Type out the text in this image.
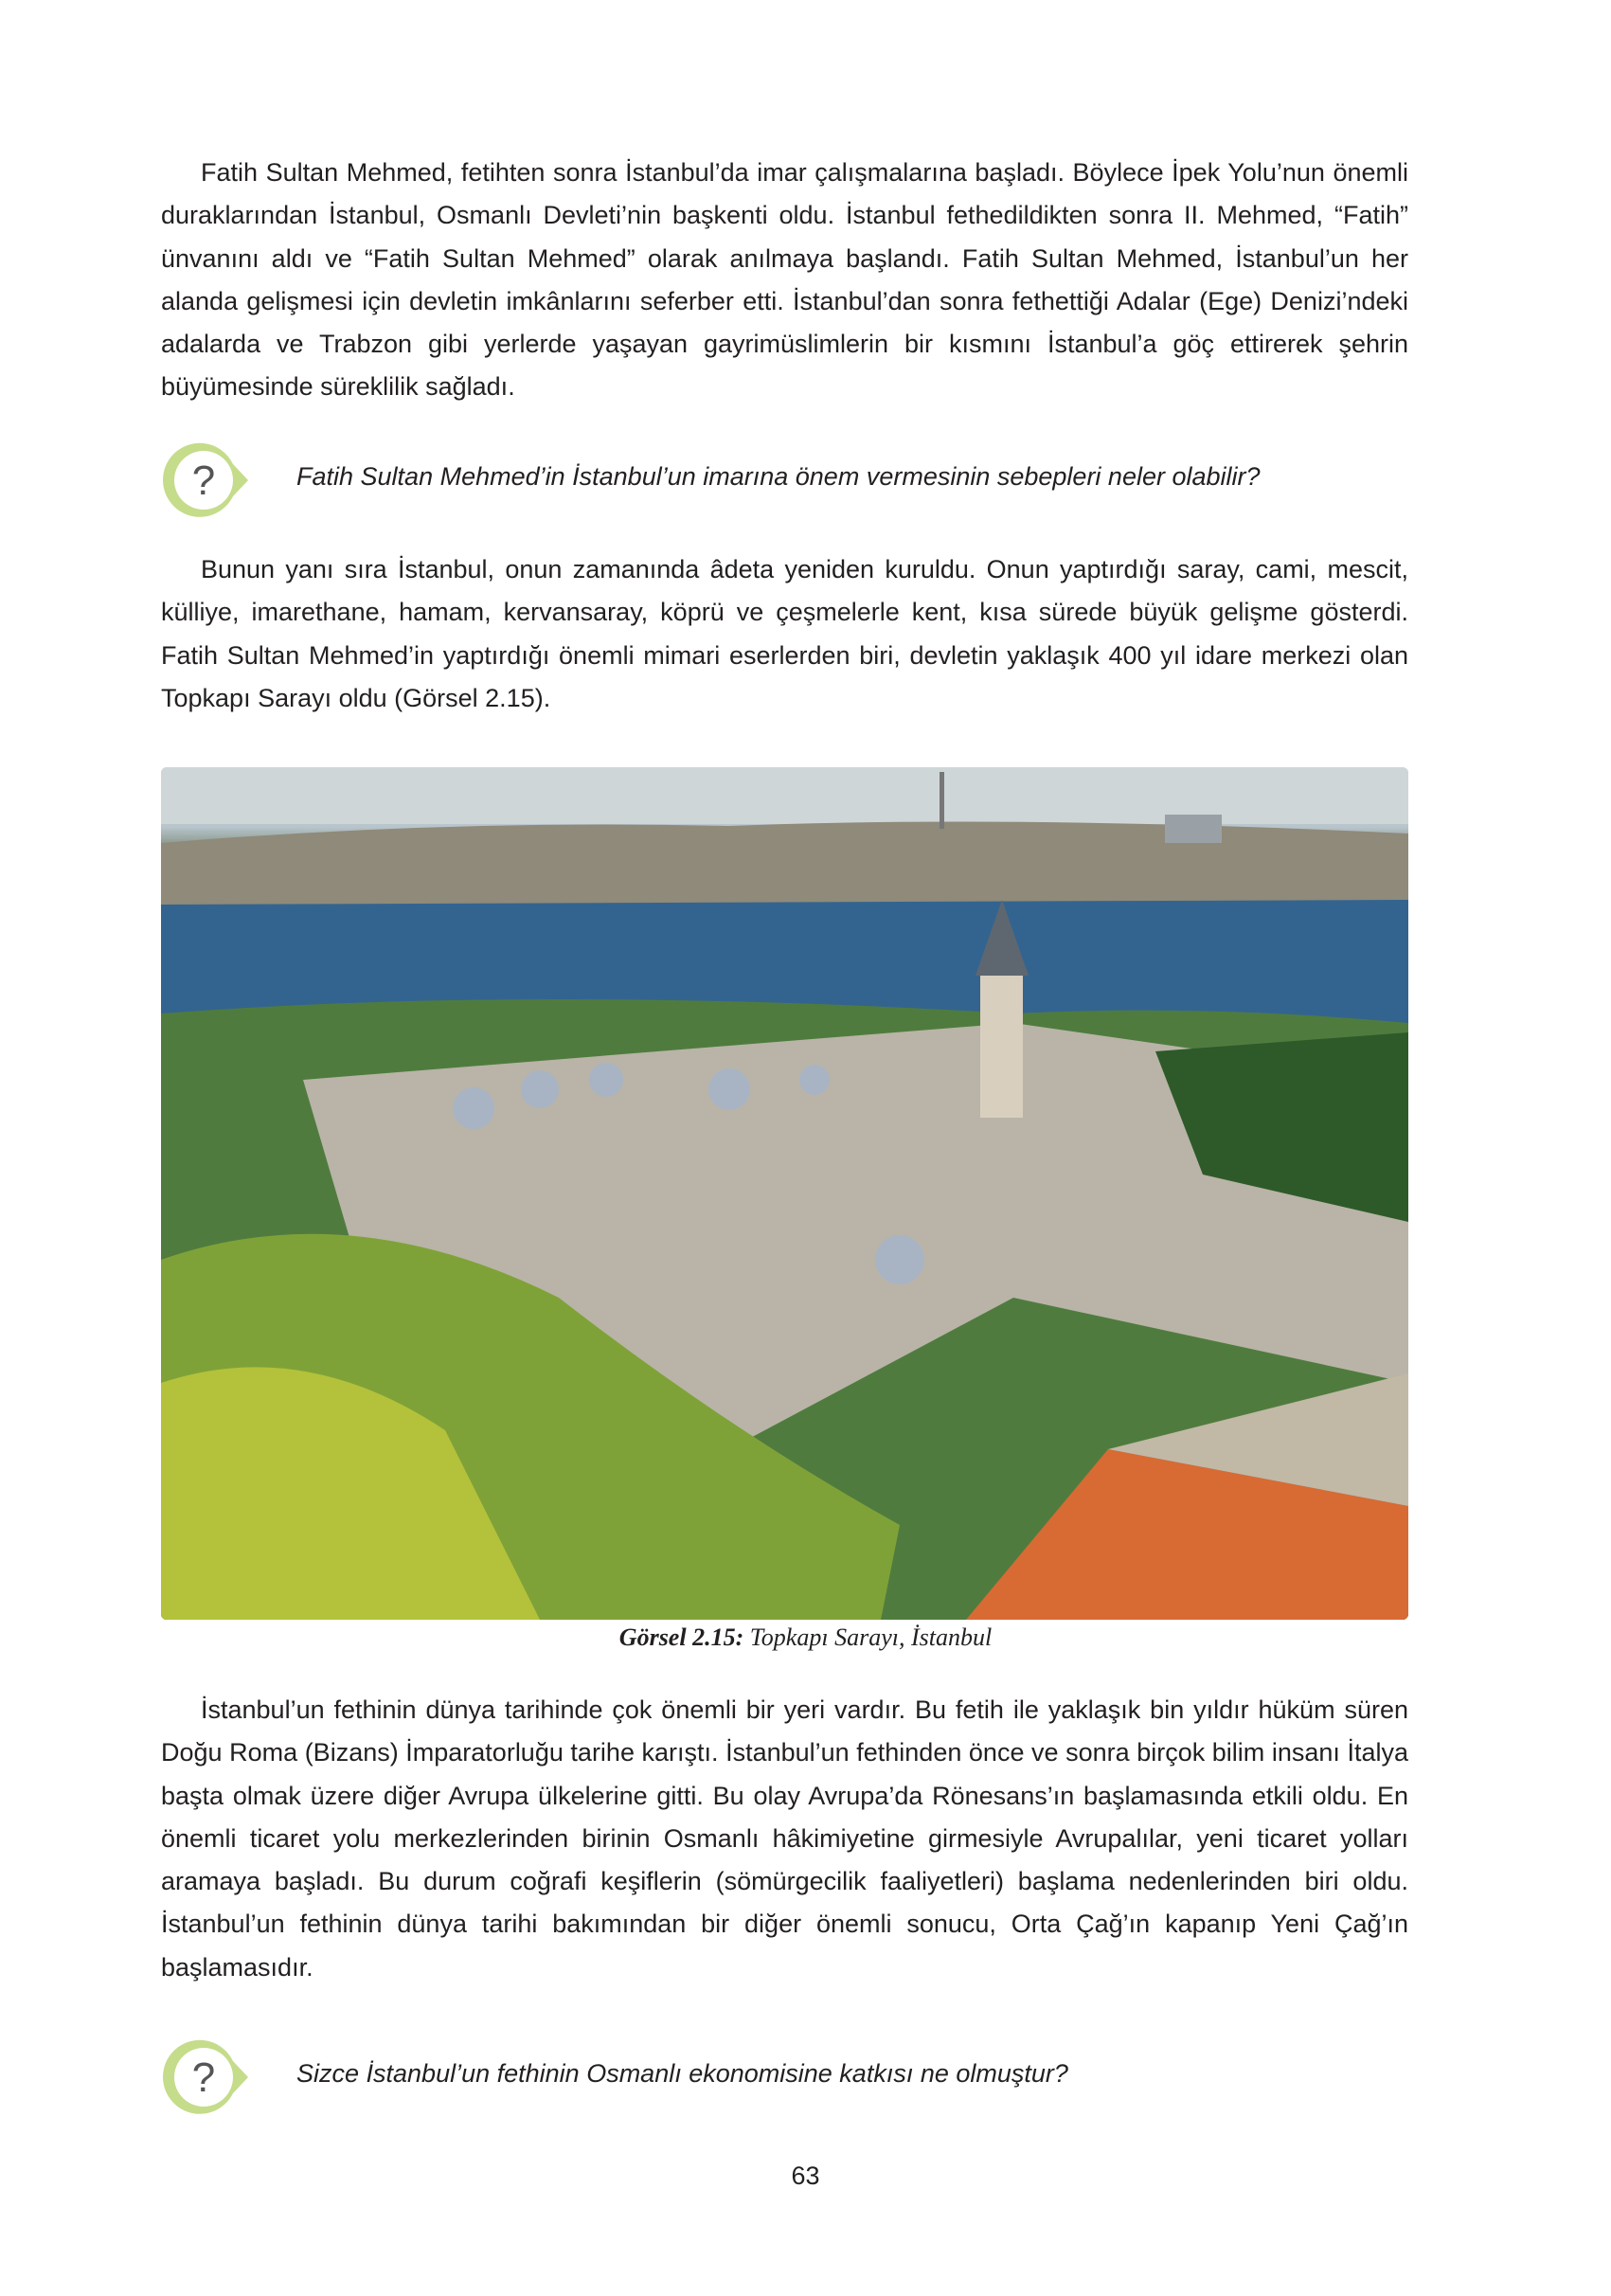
Fatih Sultan Mehmed, fetihten sonra İstanbul’da imar çalışmalarına başladı. Böylece İpek Yolu’nun önemli duraklarından İstanbul, Osmanlı Devleti’nin başkenti oldu. İstanbul fethedildikten sonra II. Mehmed, “Fatih” ünvanını aldı ve “Fatih Sultan Mehmed” olarak anılmaya başlandı. Fatih Sultan Mehmed, İstanbul’un her alanda gelişmesi için devletin imkânlarını seferber etti. İstanbul’dan sonra fethettiği Adalar (Ege) Denizi’ndeki adalarda ve Trabzon gibi yerlerde yaşayan gayrimüslimlerin bir kısmını İstanbul’a göç ettirerek şehrin büyümesinde süreklilik sağladı.

?	Fatih Sultan Mehmed’in İstanbul’un imarına önem vermesinin sebepleri neler olabilir?

Bunun yanı sıra İstanbul, onun zamanında âdeta yeniden kuruldu. Onun yaptırdığı saray, cami, mescit, külliye, imarethane, hamam, kervansaray, köprü ve çeşmelerle kent, kısa sürede büyük gelişme gösterdi. Fatih Sultan Mehmed’in yaptırdığı önemli mimari eserlerden biri, devletin yaklaşık 400 yıl idare merkezi olan Topkapı Sarayı oldu (Görsel 2.15).

Görsel 2.15: Topkapı Sarayı, İstanbul

İstanbul’un fethinin dünya tarihinde çok önemli bir yeri vardır. Bu fetih ile yaklaşık bin yıldır hüküm süren Doğu Roma (Bizans) İmparatorluğu tarihe karıştı. İstanbul’un fethinden önce ve sonra birçok bilim insanı İtalya başta olmak üzere diğer Avrupa ülkelerine gitti. Bu olay Avrupa’da Rönesans’ın başlamasında etkili oldu. En önemli ticaret yolu merkezlerinden birinin Osmanlı hâkimiyetine girmesiyle Avrupalılar, yeni ticaret yolları aramaya başladı. Bu durum coğrafi keşiflerin (sömürgecilik faaliyetleri) başlama nedenlerinden biri oldu. İstanbul’un fethinin dünya tarihi bakımından bir diğer önemli sonucu, Orta Çağ’ın kapanıp Yeni Çağ’ın başlamasıdır.

?	Sizce İstanbul’un fethinin Osmanlı ekonomisine katkısı ne olmuştur?
63
